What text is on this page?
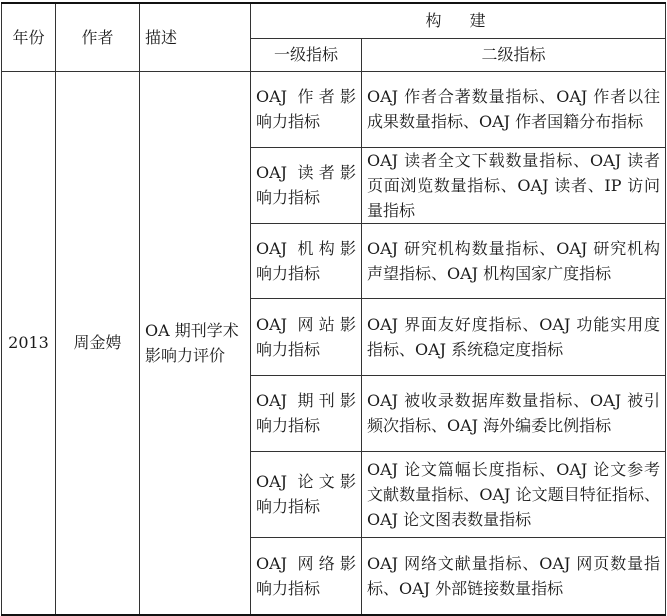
年份	作者	描述	构建	
			一级指标	二级指标
2013	周金娉	OA 期刊学术影响力评价	OAJ 作者影响力指标	OAJ 作者合著数量指标、OAJ 作者以往成果数量指标、OAJ 作者国籍分布指标
			OAJ 读者影响力指标	OAJ 读者全文下载数量指标、OAJ 读者页面浏览数量指标、OAJ 读者、IP 访问量指标
			OAJ 机构影响力指标	OAJ 研究机构数量指标、OAJ 研究机构声望指标、OAJ 机构国家广度指标
			OAJ 网站影响力指标	OAJ 界面友好度指标、OAJ 功能实用度指标、OAJ 系统稳定度指标
			OAJ 期刊影响力指标	OAJ 被收录数据库数量指标、OAJ 被引频次指标、OAJ 海外编委比例指标
			OAJ 论文影响力指标	OAJ 论文篇幅长度指标、OAJ 论文参考文献数量指标、OAJ 论文题目特征指标、OAJ 论文图表数量指标
			OAJ 网络影响力指标	OAJ 网络文献量指标、OAJ 网页数量指标、OAJ 外部链接数量指标
